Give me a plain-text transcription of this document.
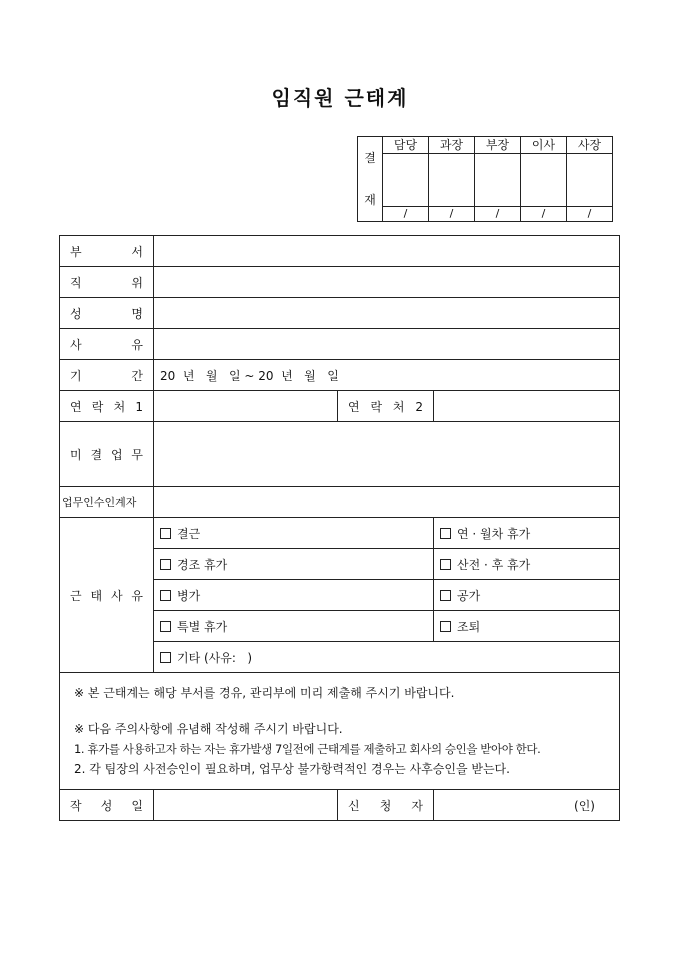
임직원 근태계
결
재	담당	과장	부장	이사	사장

	/	/	/	/	/
부 서			
직 위			
성 명			
사 유			
기 간	20  년   월   일 ~ 20  년   월   일		
연 락 처 1		연 락 처 2	
미 결 업 무			
업무인수인계자			
근 태 사 유	결근		연 · 월차 휴가
	경조 휴가		산전 · 후 휴가
	병가		공가
	특별 휴가		조퇴
	기타 (사유:   )		

※ 본 근태계는 해당 부서를 경유, 관리부에 미리 제출해 주시기 바랍니다.

※ 다음 주의사항에 유념해 작성해 주시기 바랍니다.

1. 휴가를 사용하고자 하는 자는 휴가발생 7일전에 근태계를 제출하고 회사의 승인을 받아야 한다.

2. 각 팀장의 사전승인이 필요하며, 업무상 불가항력적인 경우는 사후승인을 받는다.			

작 성 일		신 청 자	(인)
